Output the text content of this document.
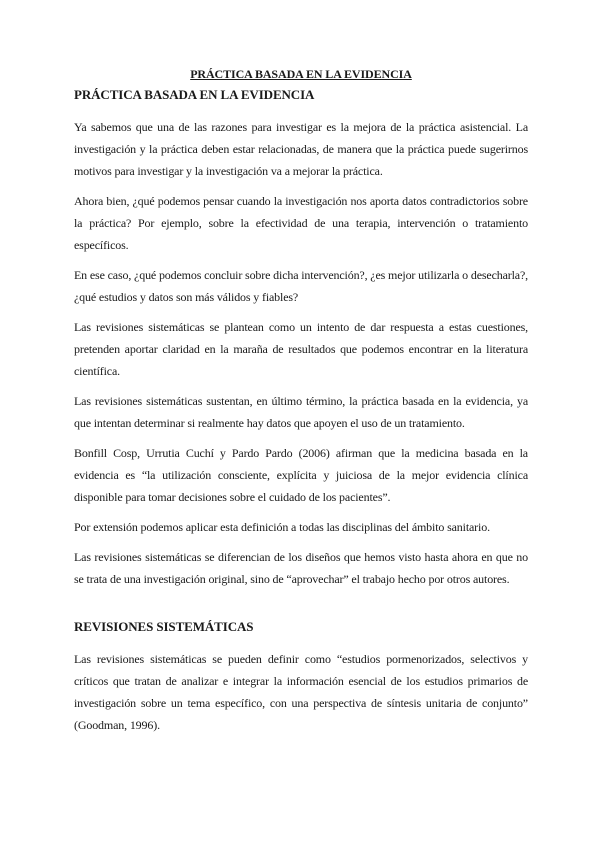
PRÁCTICA BASADA EN LA EVIDENCIA
PRÁCTICA BASADA EN LA EVIDENCIA

Ya sabemos que una de las razones para investigar es la mejora de la práctica asistencial. La investigación y la práctica deben estar relacionadas, de manera que la práctica puede sugerirnos motivos para investigar y la investigación va a mejorar la práctica.

Ahora bien, ¿qué podemos pensar cuando la investigación nos aporta datos contradictorios sobre la práctica? Por ejemplo, sobre la efectividad de una terapia, intervención o tratamiento específicos.

En ese caso, ¿qué podemos concluir sobre dicha intervención?, ¿es mejor utilizarla o desecharla?, ¿qué estudios y datos son más válidos y fiables?

Las revisiones sistemáticas se plantean como un intento de dar respuesta a estas cuestiones, pretenden aportar claridad en la maraña de resultados que podemos encontrar en la literatura científica.

Las revisiones sistemáticas sustentan, en último término, la práctica basada en la evidencia, ya que intentan determinar si realmente hay datos que apoyen el uso de un tratamiento.

Bonfill Cosp, Urrutia Cuchí y Pardo Pardo (2006) afirman que la medicina basada en la evidencia es “la utilización consciente, explícita y juiciosa de la mejor evidencia clínica disponible para tomar decisiones sobre el cuidado de los pacientes”.

Por extensión podemos aplicar esta definición a todas las disciplinas del ámbito sanitario.

Las revisiones sistemáticas se diferencian de los diseños que hemos visto hasta ahora en que no se trata de una investigación original, sino de “aprovechar” el trabajo hecho por otros autores.

REVISIONES SISTEMÁTICAS

Las revisiones sistemáticas se pueden definir como “estudios pormenorizados, selectivos y críticos que tratan de analizar e integrar la información esencial de los estudios primarios de investigación sobre un tema específico, con una perspectiva de síntesis unitaria de conjunto” (Goodman, 1996).
